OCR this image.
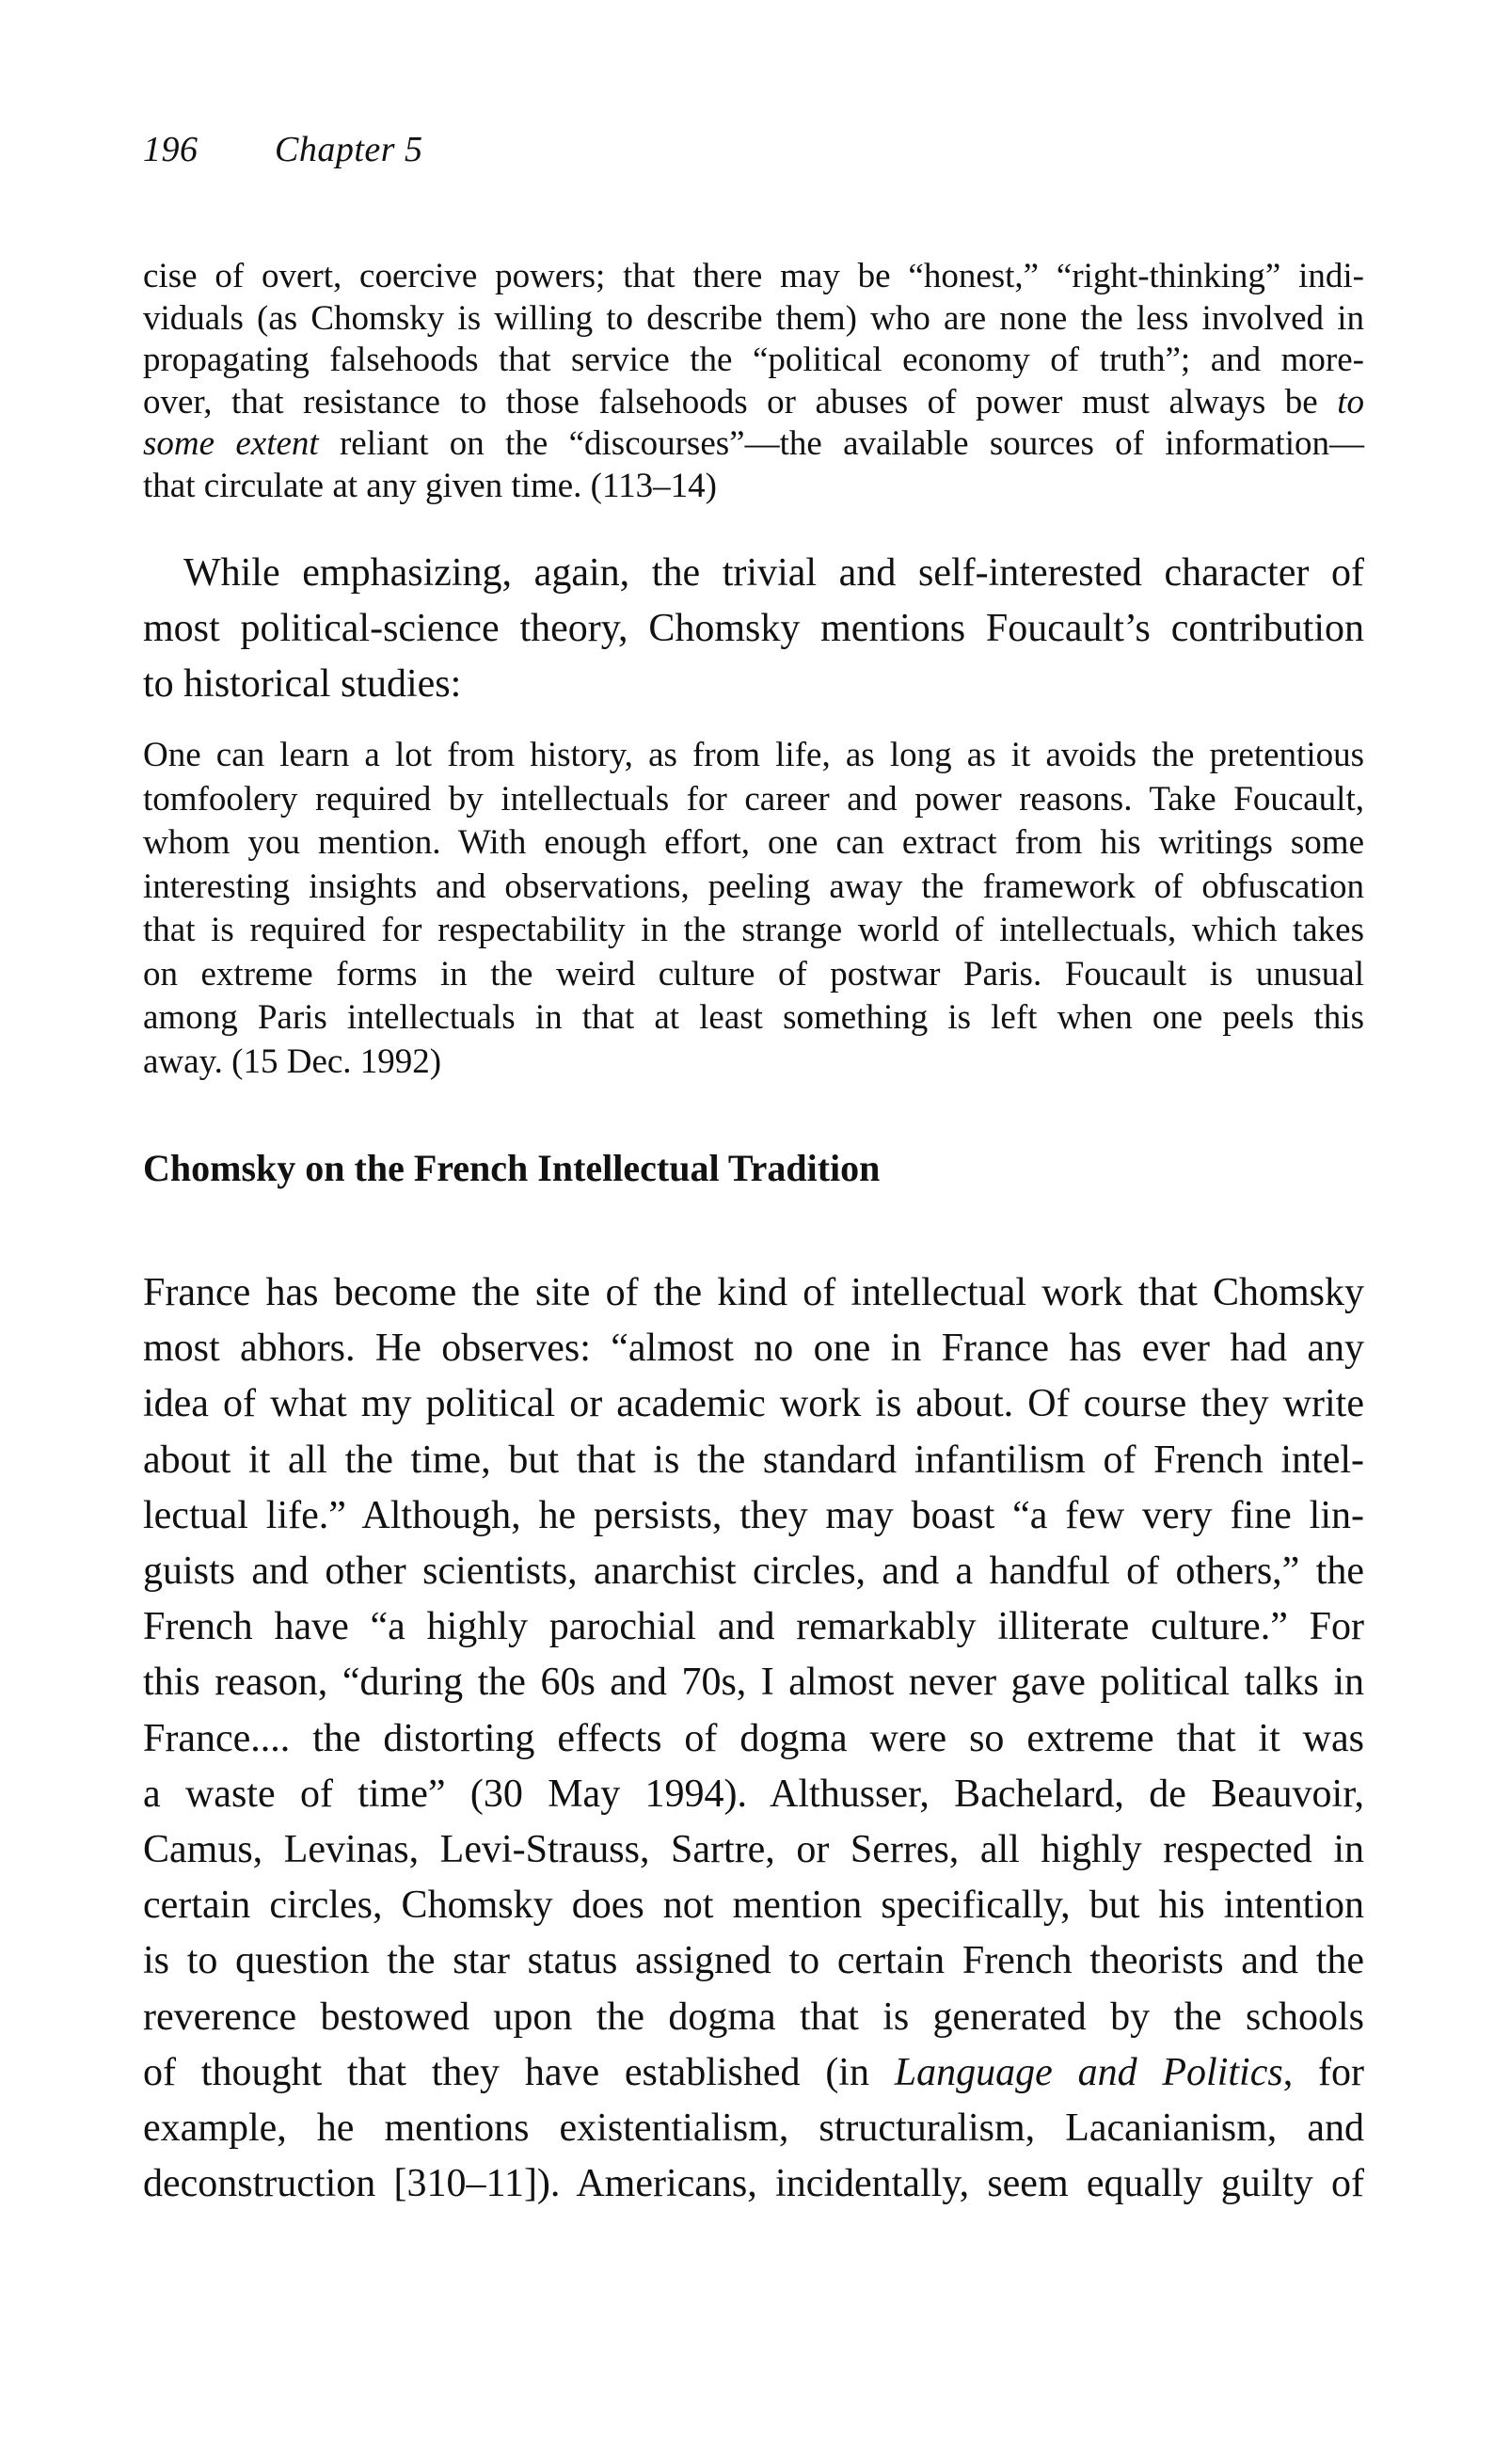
196 Chapter 5
cise of overt, coercive powers; that there may be “honest,” “right-thinking” indi-
viduals (as Chomsky is willing to describe them) who are none the less involved in
propagating falsehoods that service the “political economy of truth”; and more-
over, that resistance to those falsehoods or abuses of power must always be to
some extent reliant on the “discourses”—the available sources of information—
that circulate at any given time. (113–14)
While emphasizing, again, the trivial and self-interested character of
most political-science theory, Chomsky mentions Foucault’s contribution
to historical studies:
One can learn a lot from history, as from life, as long as it avoids the pretentious
tomfoolery required by intellectuals for career and power reasons. Take Foucault,
whom you mention. With enough effort, one can extract from his writings some
interesting insights and observations, peeling away the framework of obfuscation
that is required for respectability in the strange world of intellectuals, which takes
on extreme forms in the weird culture of postwar Paris. Foucault is unusual
among Paris intellectuals in that at least something is left when one peels this
away. (15 Dec. 1992)
Chomsky on the French Intellectual Tradition
France has become the site of the kind of intellectual work that Chomsky
most abhors. He observes: “almost no one in France has ever had any
idea of what my political or academic work is about. Of course they write
about it all the time, but that is the standard infantilism of French intel-
lectual life.” Although, he persists, they may boast “a few very fine lin-
guists and other scientists, anarchist circles, and a handful of others,” the
French have “a highly parochial and remarkably illiterate culture.” For
this reason, “during the 60s and 70s, I almost never gave political talks in
France.... the distorting effects of dogma were so extreme that it was
a waste of time” (30 May 1994). Althusser, Bachelard, de Beauvoir,
Camus, Levinas, Levi-Strauss, Sartre, or Serres, all highly respected in
certain circles, Chomsky does not mention specifically, but his intention
is to question the star status assigned to certain French theorists and the
reverence bestowed upon the dogma that is generated by the schools
of thought that they have established (in Language and Politics, for
example, he mentions existentialism, structuralism, Lacanianism, and
deconstruction [310–11]). Americans, incidentally, seem equally guilty of
